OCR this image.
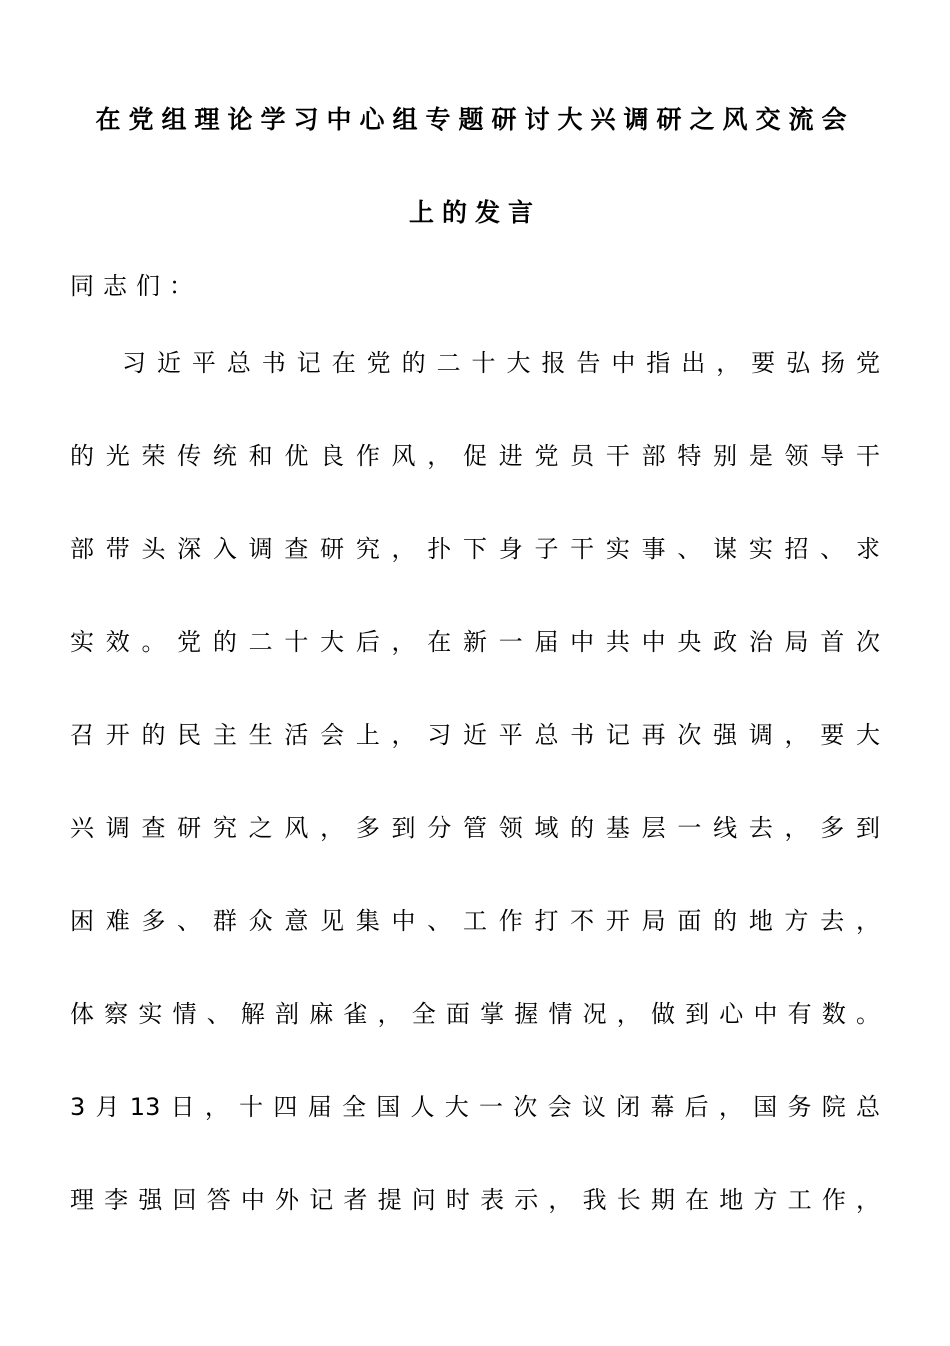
在党组理论学习中心组专题研讨大兴调研之风交流会
上的发言
同志们：
习近平总书记在党的二十大报告中指出，要弘扬党
的光荣传统和优良作风，促进党员干部特别是领导干
部带头深入调查研究，扑下身子干实事、谋实招、求
实效。党的二十大后，在新一届中共中央政治局首次
召开的民主生活会上，习近平总书记再次强调，要大
兴调查研究之风，多到分管领域的基层一线去，多到
困难多、群众意见集中、工作打不开局面的地方去，
体察实情、解剖麻雀，全面掌握情况，做到心中有数。
3月13日，十四届全国人大一次会议闭幕后，国务院总
理李强回答中外记者提问时表示，我长期在地方工作，
